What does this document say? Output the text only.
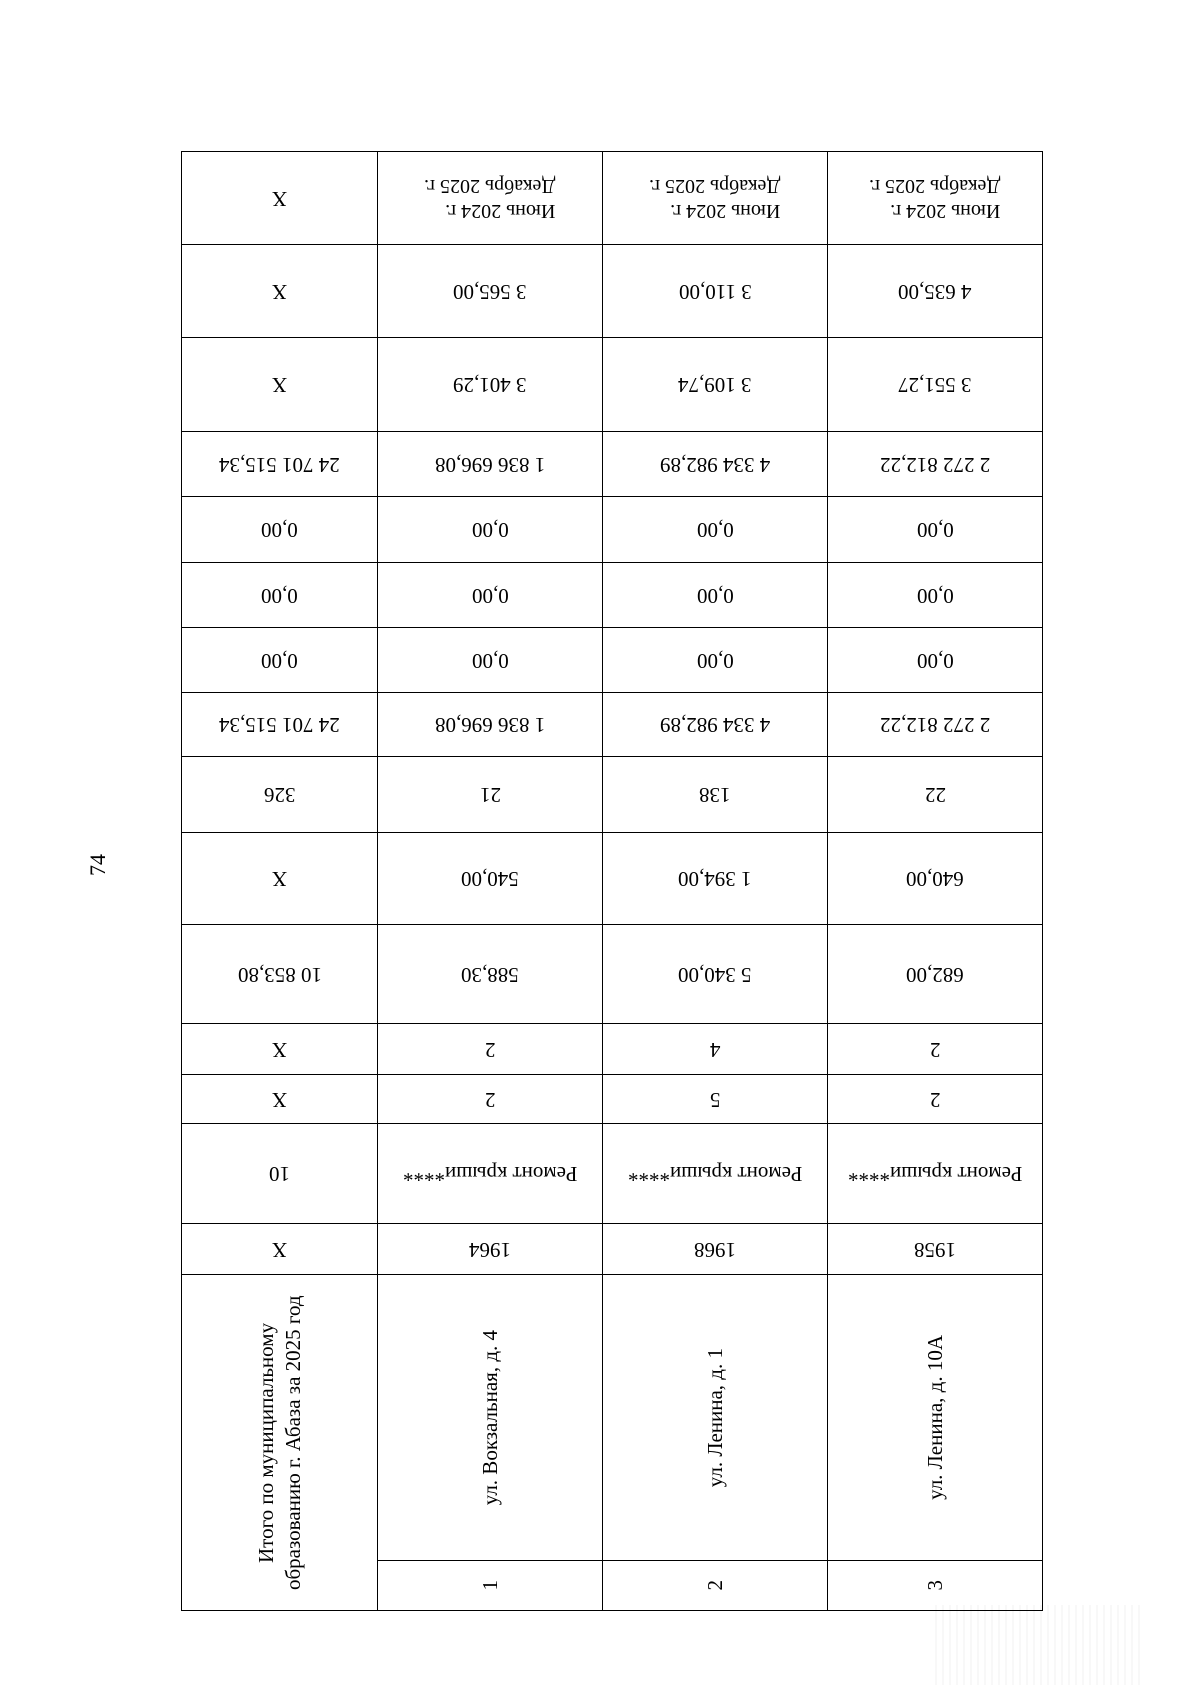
74
X
X
X
24 701 515,34
0,00
0,00
0,00
24 701 515,34
326
X
10 853,80
X
X
10
X
Итого по муниципальному образованию г. Абаза за 2025 год
Июнь 2024 г.
Декабрь 2025 г.
3 565,00
3 401,29
1 836 696,08
0,00
0,00
0,00
1 836 696,08
21
540,00
588,30
2
2
Ремонт крыши****
1964
ул. Вокзальная, д. 4
1
Июнь 2024 г.
Декабрь 2025 г.
3 110,00
3 109,74
4 334 982,89
0,00
0,00
0,00
4 334 982,89
138
1 394,00
5 340,00
4
5
Ремонт крыши****
1968
ул. Ленина, д. 1
2
Июнь 2024 г.
Декабрь 2025 г.
4 635,00
3 551,27
2 272 812,22
0,00
0,00
0,00
2 272 812,22
22
640,00
682,00
2
2
Ремонт крыши****
1958
ул. Ленина, д. 10А
3
